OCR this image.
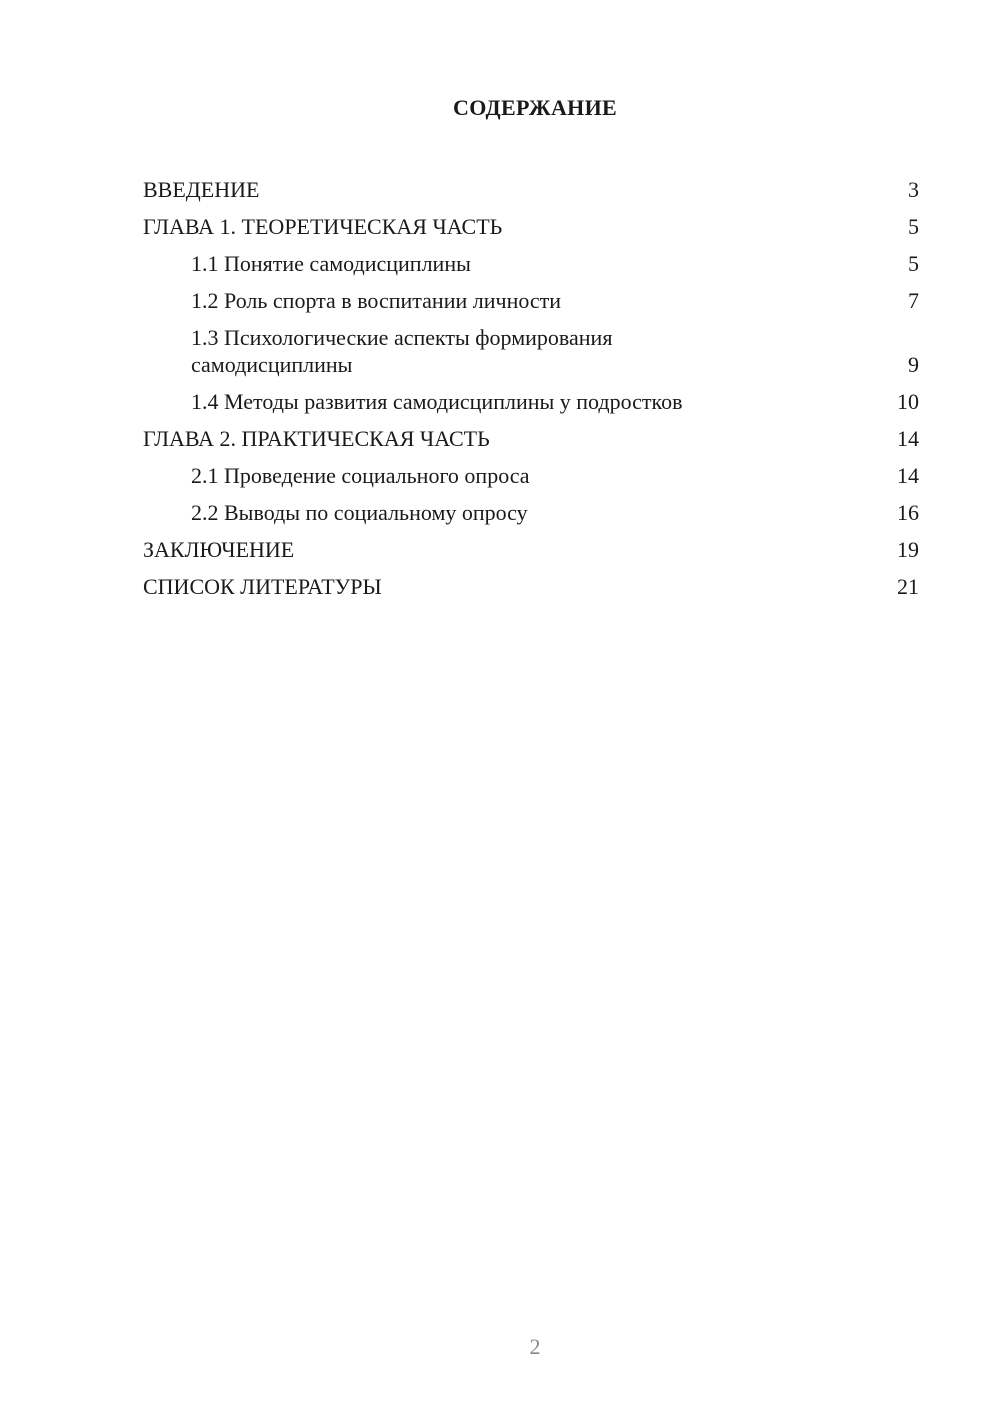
СОДЕРЖАНИЕ
ВВЕДЕНИЕ	3
ГЛАВА 1. ТЕОРЕТИЧЕСКАЯ ЧАСТЬ	5
1.1 Понятие самодисциплины	5
1.2 Роль спорта в воспитании личности	7
1.3 Психологические аспекты формирования самодисциплины	9
1.4 Методы развития самодисциплины у подростков	10
ГЛАВА 2. ПРАКТИЧЕСКАЯ ЧАСТЬ	14
2.1 Проведение социального опроса	14
2.2 Выводы по социальному опросу	16
ЗАКЛЮЧЕНИЕ	19
СПИСОК ЛИТЕРАТУРЫ	21
2
